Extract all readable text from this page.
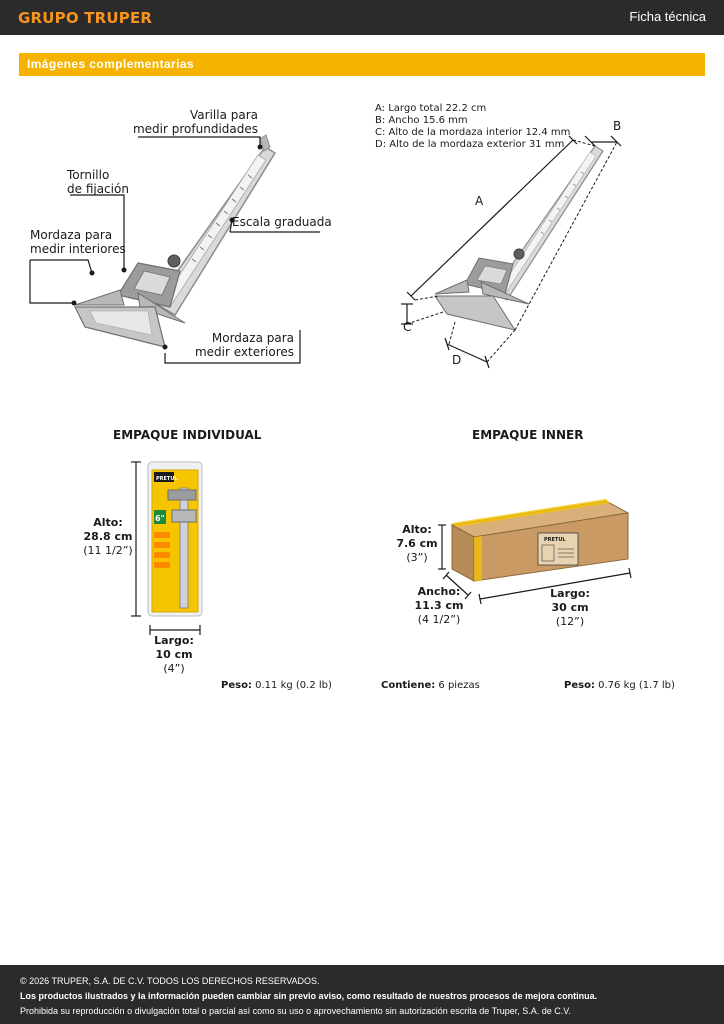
GRUPO TRUPER	Ficha técnica
Imágenes complementarias
Varilla para
medir profundidades
Tornillo
de fijación
Escala graduada
Mordaza para
medir interiores
Mordaza para
medir exteriores
A: Largo total 22.2 cm
B: Ancho 15.6 mm
C: Alto de la mordaza interior 12.4 mm
D: Alto de la mordaza exterior 31 mm
A
B
C
D
EMPAQUE INDIVIDUAL
PRETUL
6"
Alto:
28.8 cm
(11 1/2”)
Largo:
10 cm
(4”)
Peso: 0.11 kg (0.2 lb)
EMPAQUE INNER
PRETUL
Alto:
7.6 cm
(3”)
Ancho:
11.3 cm
(4 1/2”)
Largo:
30 cm
(12”)
Contiene: 6 piezas	Peso: 0.76 kg (1.7 lb)
© 2026 TRUPER, S.A. DE C.V. TODOS LOS DERECHOS RESERVADOS.
Los productos ilustrados y la información pueden cambiar sin previo aviso, como resultado de nuestros procesos de mejora continua.
Prohibida su reproducción o divulgación total o parcial así como su uso o aprovechamiento sin autorización escrita de Truper, S.A. de C.V.
